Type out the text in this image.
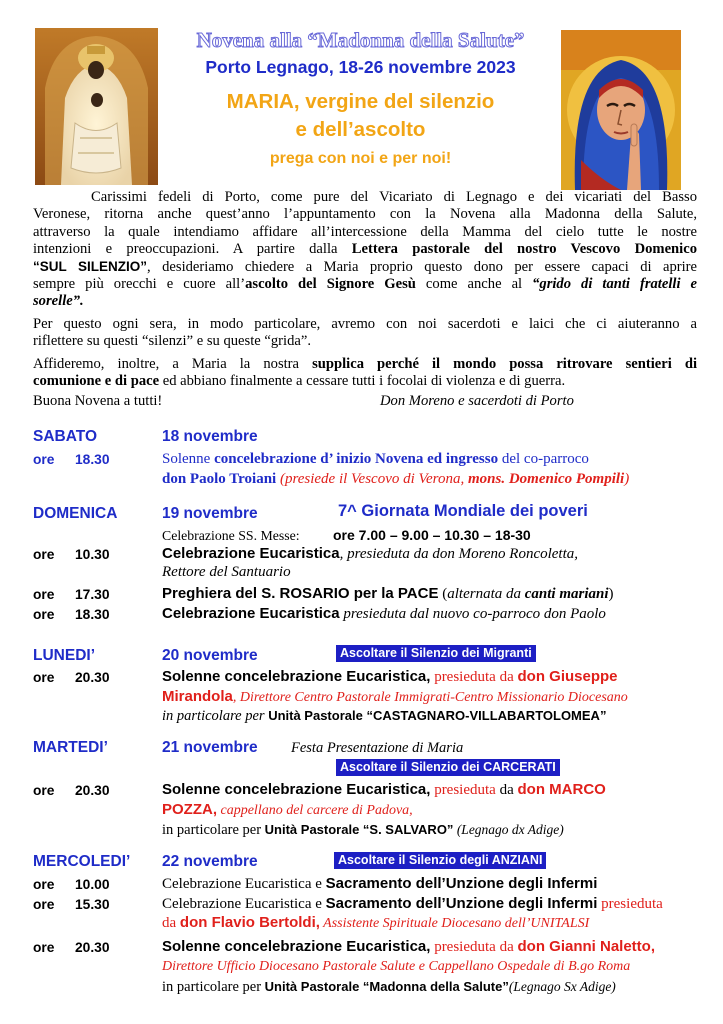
Novena alla “Madonna della Salute”
Porto Legnago, 18-26 novembre 2023
MARIA, vergine del silenzio
e dell’ascolto
prega con noi e per noi!
Carissimi fedeli di Porto, come pure del Vicariato di Legnago e dei vicariati del Basso
Veronese, ritorna anche quest’anno l’appuntamento con la Novena alla Madonna della Salute,
attraverso la quale intendiamo affidare all’intercessione della Mamma del cielo tutte le nostre
intenzioni e preoccupazioni. A partire dalla Lettera pastorale del nostro Vescovo Domenico
“SUL SILENZIO”, desideriamo chiedere a Maria proprio questo dono per essere capaci di aprire
sempre più orecchi e cuore all’ascolto del Signore Gesù come anche al “grido di tanti fratelli e
sorelle”.
Per questo ogni sera, in modo particolare, avremo con noi sacerdoti e laici che ci aiuteranno a
riflettere su questi “silenzi” e su queste “grida”.
Affideremo, inoltre, a Maria la nostra supplica perché il mondo possa ritrovare sentieri di
comunione e di pace ed abbiano finalmente a cessare tutti i focolai di violenza e di guerra.
Buona Novena a tutti!	Don Moreno e sacerdoti di Porto
SABATO	18 novembre
ore 18.30	Solenne concelebrazione d’ inizio Novena ed ingresso del co-parroco
don Paolo Troiani (presiede il Vescovo di Verona, mons. Domenico Pompili)
DOMENICA	19 novembre	7^ Giornata Mondiale dei poveri
Celebrazione SS. Messe: ore 7.00 – 9.00 – 10.30 – 18-30
ore 10.30	Celebrazione Eucaristica, presieduta da don Moreno Roncoletta,
Rettore del Santuario
ore 17.30	Preghiera del S. ROSARIO per la PACE (alternata da canti mariani)
ore 18.30	Celebrazione Eucaristica presieduta dal nuovo co-parroco don Paolo
LUNEDI’	20 novembre	Ascoltare il Silenzio dei Migranti
ore 20.30	Solenne concelebrazione Eucaristica, presieduta da don Giuseppe
Mirandola, Direttore Centro Pastorale Immigrati-Centro Missionario Diocesano
in particolare per Unità Pastorale “CASTAGNARO-VILLABARTOLOMEA”
MARTEDI’	21 novembre Festa Presentazione di Maria
Ascoltare il Silenzio dei CARCERATI
ore 20.30	Solenne concelebrazione Eucaristica, presieduta da don MARCO
POZZA, cappellano del carcere di Padova,
in particolare per Unità Pastorale “S. SALVARO” (Legnago dx Adige)
MERCOLEDI’ 22 novembre	Ascoltare il Silenzio degli ANZIANI
ore 10.00	Celebrazione Eucaristica e Sacramento dell’Unzione degli Infermi
ore 15.30	Celebrazione Eucaristica e Sacramento dell’Unzione degli Infermi presieduta
da don Flavio Bertoldi, Assistente Spirituale Diocesano dell’UNITALSI
ore 20.30	Solenne concelebrazione Eucaristica, presieduta da don Gianni Naletto,
Direttore Ufficio Diocesano Pastorale Salute e Cappellano Ospedale di B.go Roma
in particolare per Unità Pastorale “Madonna della Salute”(Legnago Sx Adige)
